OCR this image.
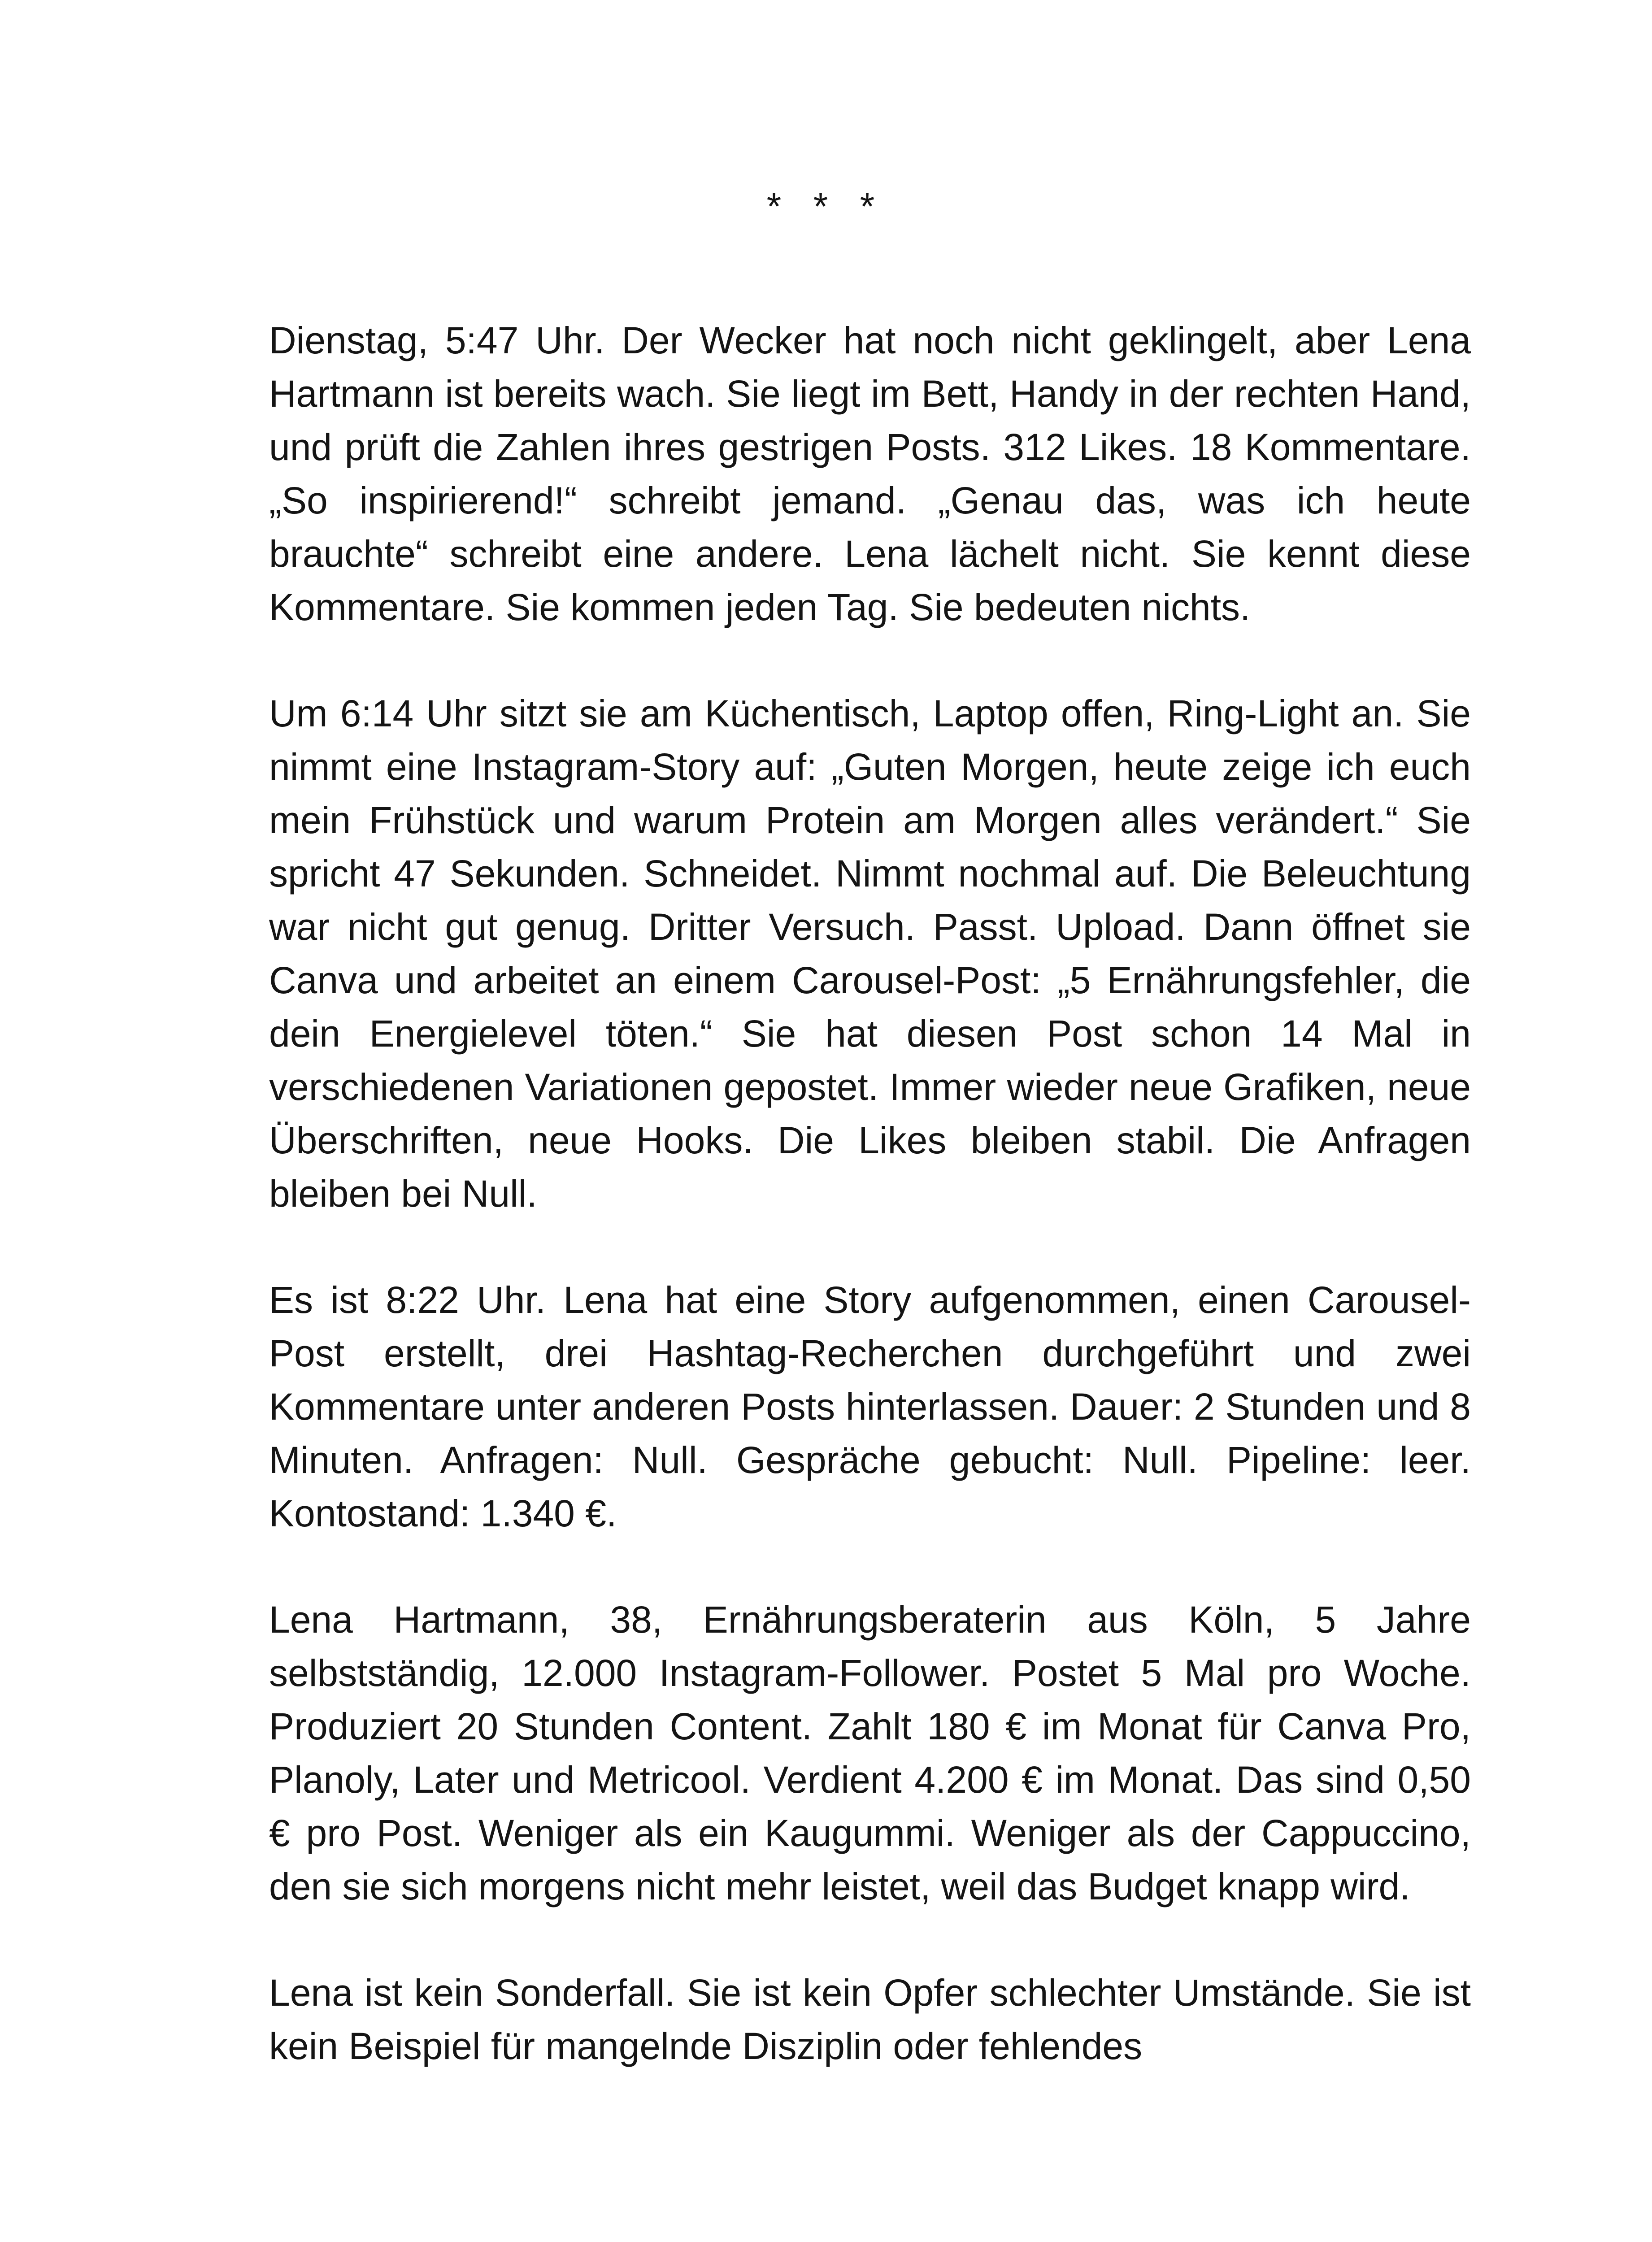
* * *

Dienstag, 5:47 Uhr. Der Wecker hat noch nicht geklingelt, aber Lena Hartmann ist bereits wach. Sie liegt im Bett, Handy in der rechten Hand, und prüft die Zahlen ihres gestrigen Posts. 312 Likes. 18 Kommentare. „So inspirierend!“ schreibt jemand. „Genau das, was ich heute brauchte“ schreibt eine andere. Lena lächelt nicht. Sie kennt diese Kommentare. Sie kommen jeden Tag. Sie bedeuten nichts.

Um 6:14 Uhr sitzt sie am Küchentisch, Laptop offen, Ring-Light an. Sie nimmt eine Instagram-Story auf: „Guten Morgen, heute zeige ich euch mein Frühstück und warum Protein am Morgen alles verändert.“ Sie spricht 47 Sekunden. Schneidet. Nimmt nochmal auf. Die Beleuchtung war nicht gut genug. Dritter Versuch. Passt. Upload. Dann öffnet sie Canva und arbeitet an einem Carousel-Post: „5 Ernährungsfehler, die dein Energielevel töten.“ Sie hat diesen Post schon 14 Mal in verschiedenen Variationen gepostet. Immer wieder neue Grafiken, neue Überschriften, neue Hooks. Die Likes bleiben stabil. Die Anfragen bleiben bei Null.

Es ist 8:22 Uhr. Lena hat eine Story aufgenommen, einen Carousel-Post erstellt, drei Hashtag-Recherchen durchgeführt und zwei Kommentare unter anderen Posts hinterlassen. Dauer: 2 Stunden und 8 Minuten. Anfragen: Null. Gespräche gebucht: Null. Pipeline: leer. Kontostand: 1.340 €.

Lena Hartmann, 38, Ernährungsberaterin aus Köln, 5 Jahre selbstständig, 12.000 Instagram-Follower. Postet 5 Mal pro Woche. Produziert 20 Stunden Content. Zahlt 180 € im Monat für Canva Pro, Planoly, Later und Metricool. Verdient 4.200 € im Monat. Das sind 0,50 € pro Post. Weniger als ein Kaugummi. Weniger als der Cappuccino, den sie sich morgens nicht mehr leistet, weil das Budget knapp wird.

Lena ist kein Sonderfall. Sie ist kein Opfer schlechter Umstände. Sie ist kein Beispiel für mangelnde Disziplin oder fehlendes
